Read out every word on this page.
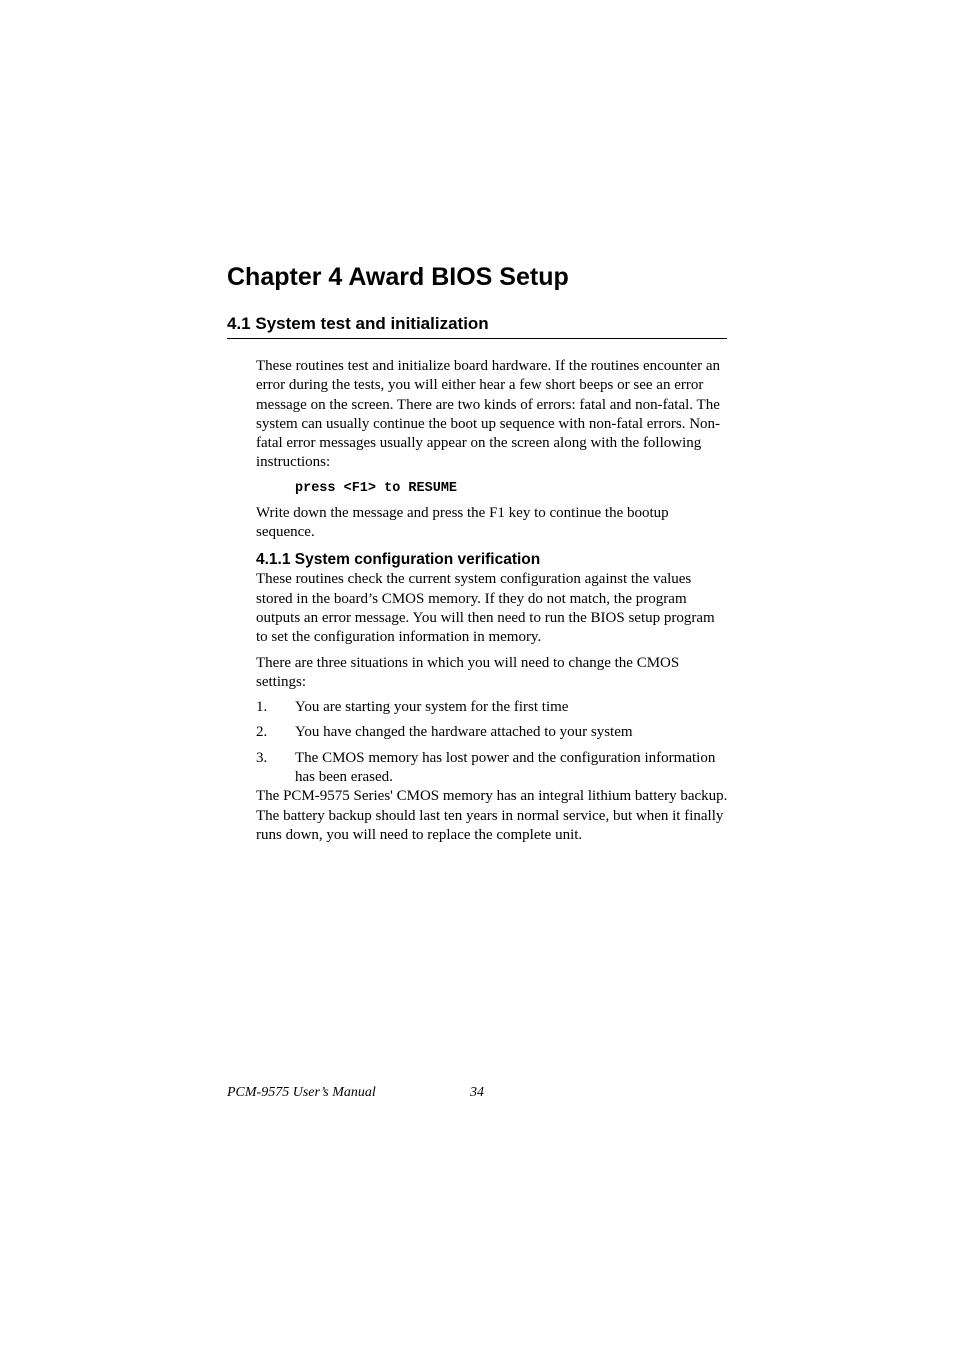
Chapter 4 Award BIOS Setup
4.1 System test and initialization

These routines test and initialize board hardware. If the routines encounter an error during the tests, you will either hear a few short beeps or see an error message on the screen. There are two kinds of errors: fatal and non-fatal. The system can usually continue the boot up sequence with non-fatal errors. Non-fatal error messages usually appear on the screen along with the following instructions:

press <F1> to RESUME

Write down the message and press the F1 key to continue the bootup sequence.

4.1.1 System configuration verification

These routines check the current system configuration against the values stored in the board’s CMOS memory. If they do not match, the program outputs an error message. You will then need to run the BIOS setup program to set the configuration information in memory.

There are three situations in which you will need to change the CMOS settings:

1. You are starting your system for the first time
2. You have changed the hardware attached to your system
3. The CMOS memory has lost power and the configuration information has been erased.

The PCM-9575 Series' CMOS memory has an integral lithium battery backup. The battery backup should last ten years in normal service, but when it finally runs down, you will need to replace the complete unit.

PCM-9575 User’s Manual	34
